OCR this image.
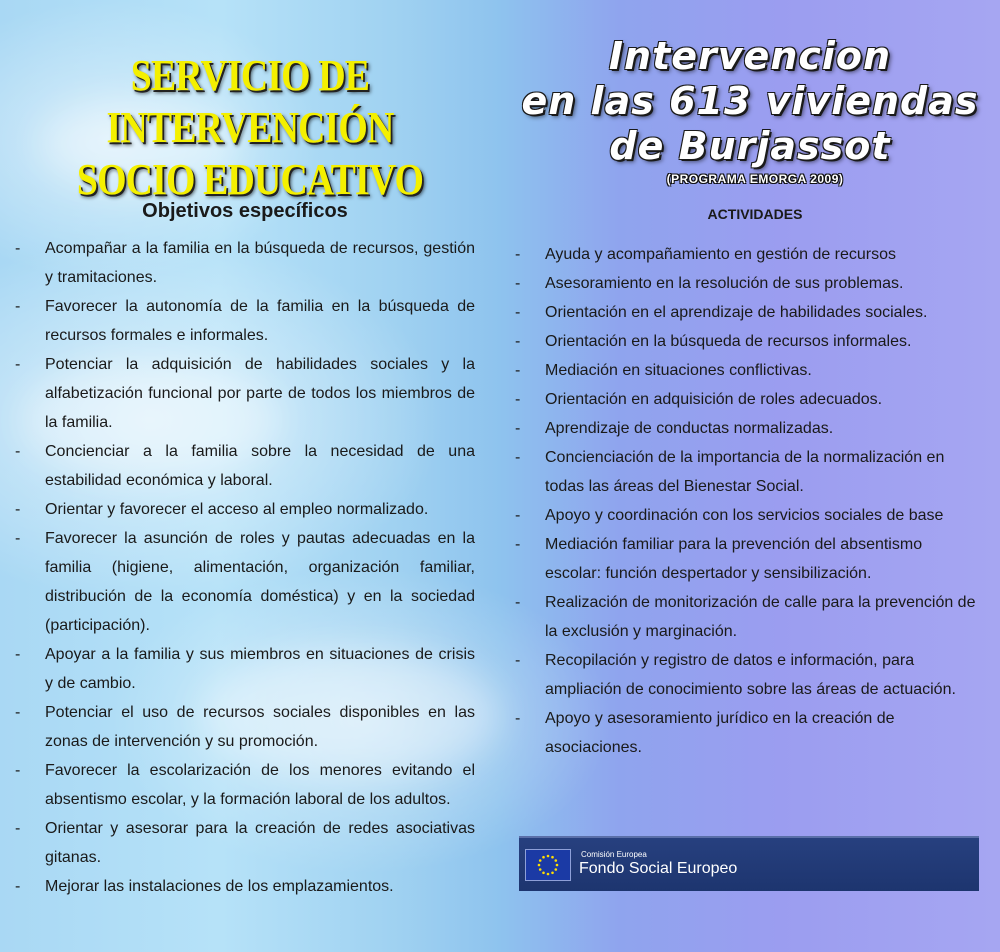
SERVICIO DE INTERVENCIÓN
SOCIO EDUCATIVO
Objetivos específicos
- Acompañar a la familia en la búsqueda de recursos, gestión y tramitaciones.
- Favorecer la autonomía de la familia en la búsqueda de recursos formales e informales.
- Potenciar la adquisición de habilidades sociales y la alfabetización funcional por parte de todos los miembros de la familia.
- Concienciar a la familia sobre la necesidad de una estabilidad económica y laboral.
- Orientar y favorecer el acceso al empleo normalizado.
- Favorecer la asunción de roles y pautas adecuadas en la familia (higiene, alimentación, organización familiar, distribución de la economía doméstica) y en la sociedad (participación).
- Apoyar a la familia y sus miembros en situaciones de crisis y de cambio.
- Potenciar el uso de recursos sociales disponibles en las zonas de intervención y su promoción.
- Favorecer la escolarización de los menores evitando el absentismo escolar, y la formación laboral de los adultos.
- Orientar y asesorar para la creación de redes asociativas gitanas.
- Mejorar las instalaciones de los emplazamientos.
Intervencion
en las 613 viviendas
de Burjassot
(PROGRAMA EMORGA 2009)
ACTIVIDADES
- Ayuda y acompañamiento en gestión de recursos
- Asesoramiento en la resolución de sus problemas.
- Orientación en el aprendizaje de habilidades sociales.
- Orientación en la búsqueda de recursos informales.
- Mediación en situaciones conflictivas.
- Orientación en adquisición de roles adecuados.
- Aprendizaje de conductas normalizadas.
- Concienciación de la importancia de la normalización en todas las áreas del Bienestar Social.
- Apoyo y coordinación con los servicios sociales de base
- Mediación familiar para la prevención del absentismo escolar: función despertador y sensibilización.
- Realización de monitorización de calle para la prevención de la exclusión y marginación.
- Recopilación y registro de datos e información, para ampliación de conocimiento sobre las áreas de actuación.
- Apoyo y asesoramiento jurídico en la creación de asociaciones.
Comisión Europea
Fondo Social Europeo
